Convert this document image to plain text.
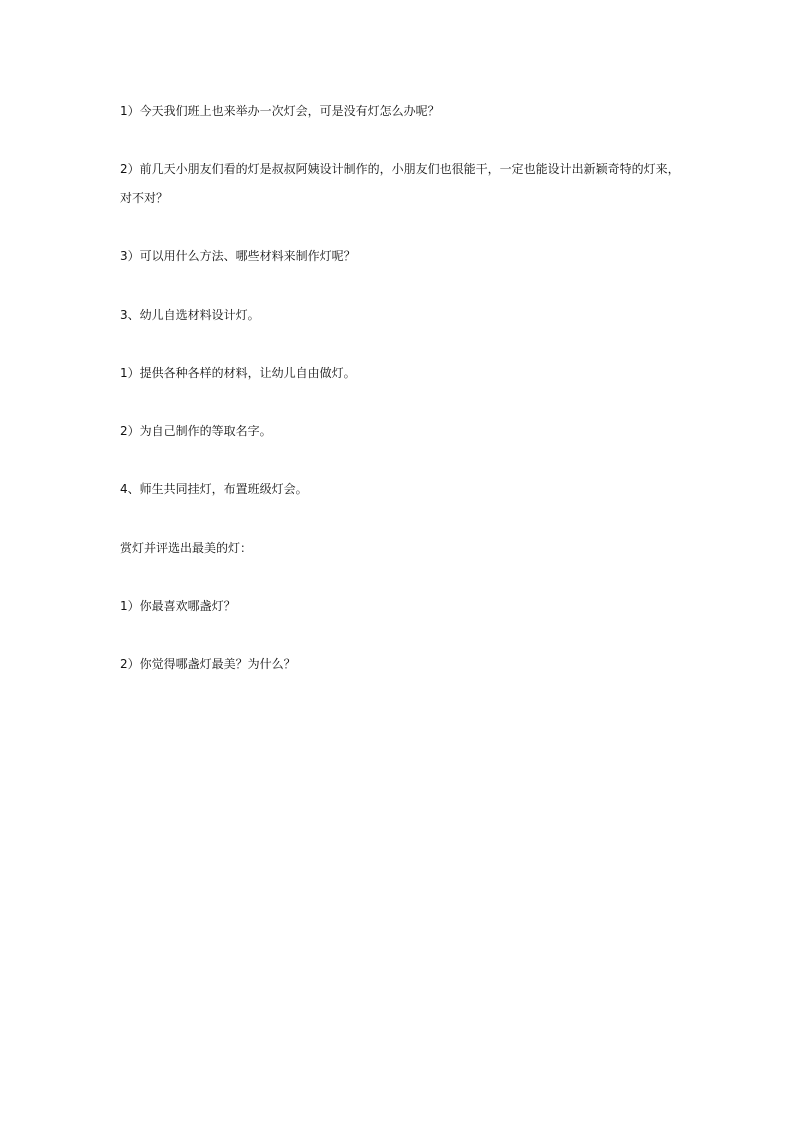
1）今天我们班上也来举办一次灯会，可是没有灯怎么办呢？
2）前几天小朋友们看的灯是叔叔阿姨设计制作的，小朋友们也很能干，一定也能设计出新颖奇特的灯来，
对不对？
3）可以用什么方法、哪些材料来制作灯呢？
3、幼儿自选材料设计灯。
1）提供各种各样的材料，让幼儿自由做灯。
2）为自己制作的等取名字。
4、师生共同挂灯，布置班级灯会。
赏灯并评选出最美的灯：
1）你最喜欢哪盏灯？
2）你觉得哪盏灯最美？为什么？
